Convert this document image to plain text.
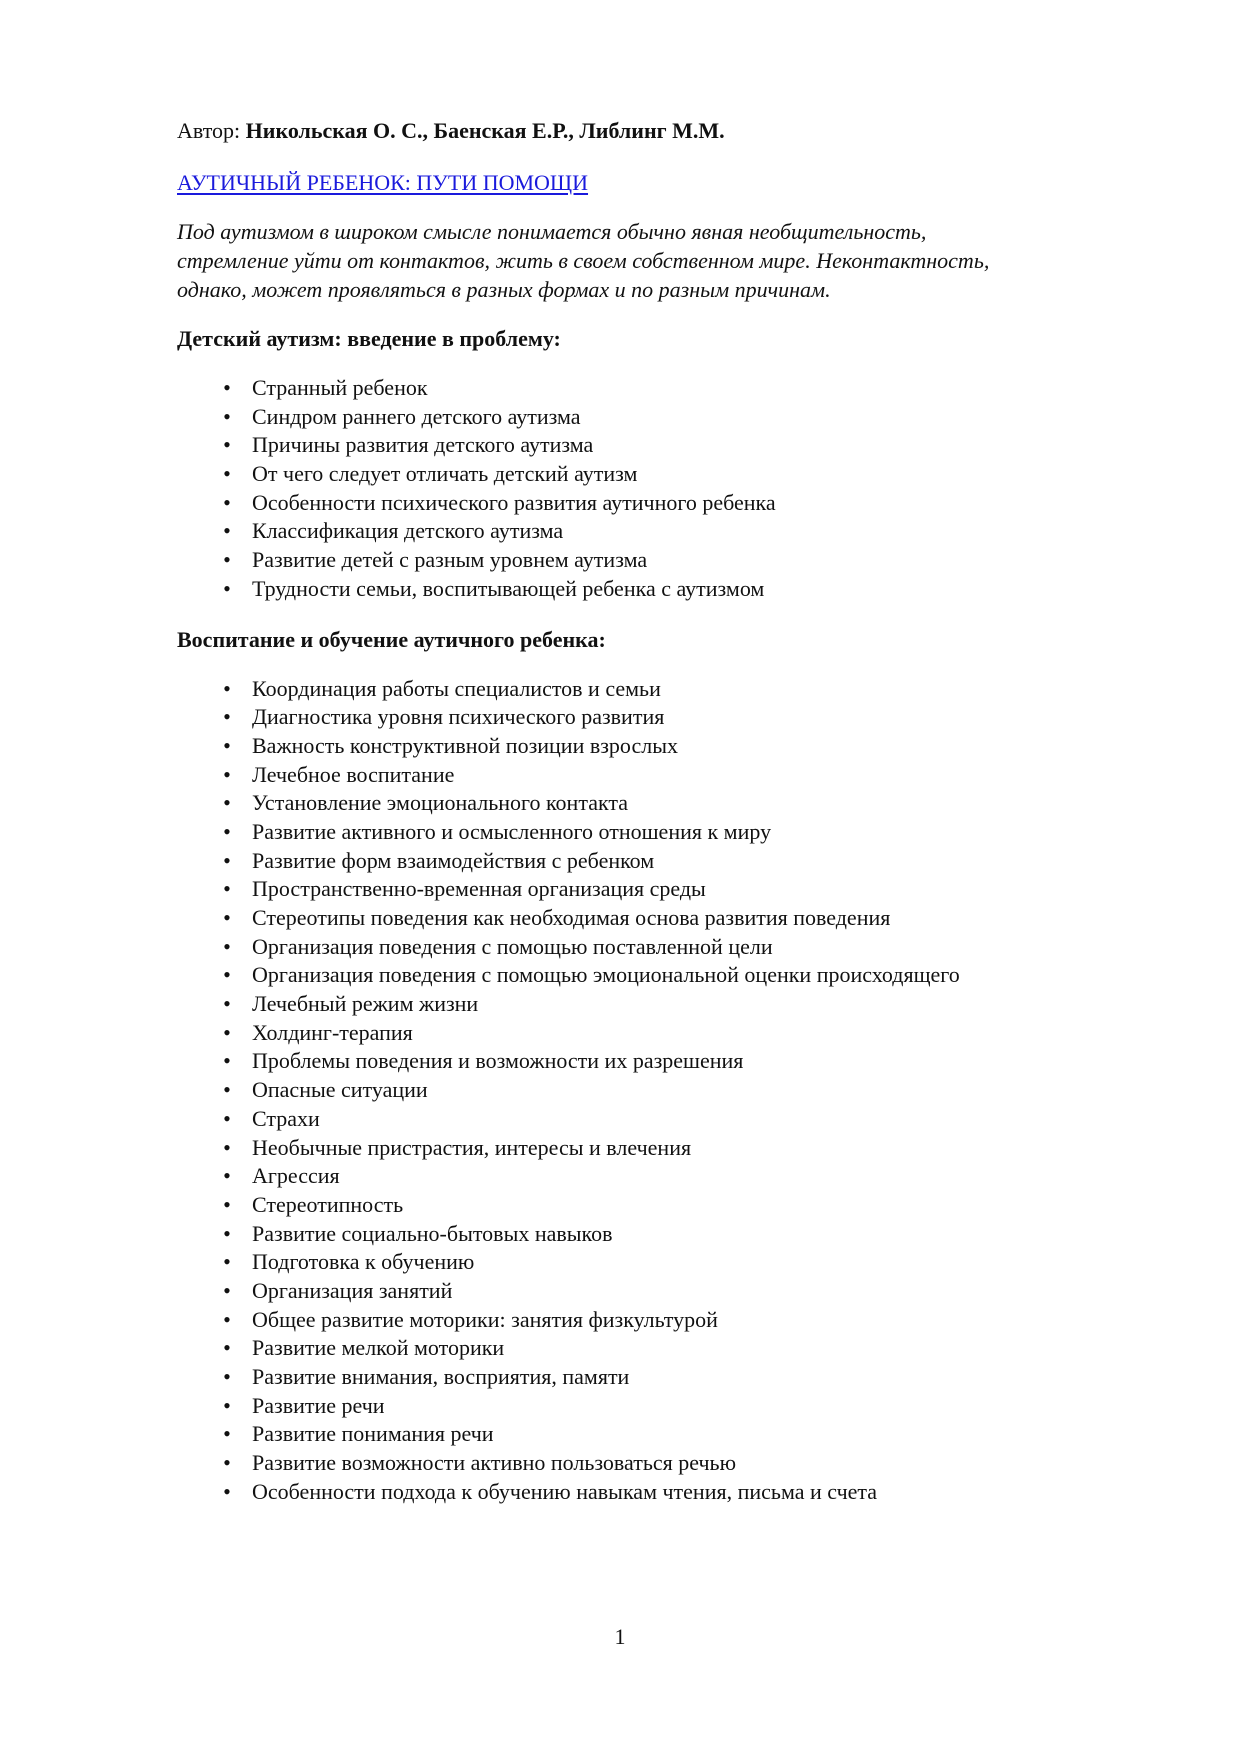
Автор: Никольская О. С., Баенская Е.Р., Либлинг М.М.

АУТИЧНЫЙ РЕБЕНОК: ПУТИ ПОМОЩИ

Под аутизмом в широком смысле понимается обычно явная необщительность,
стремление уйти от контактов, жить в своем собственном мире. Неконтактность,
однако, может проявляться в разных формах и по разным причинам.

Детский аутизм: введение в проблему:
• Странный ребенок
• Синдром раннего детского аутизма
• Причины развития детского аутизма
• От чего следует отличать детский аутизм
• Особенности психического развития аутичного ребенка
• Классификация детского аутизма
• Развитие детей с разным уровнем аутизма
• Трудности семьи, воспитывающей ребенка с аутизмом
Воспитание и обучение аутичного ребенка:
• Координация работы специалистов и семьи
• Диагностика уровня психического развития
• Важность конструктивной позиции взрослых
• Лечебное воспитание
• Установление эмоционального контакта
• Развитие активного и осмысленного отношения к миру
• Развитие форм взаимодействия с ребенком
• Пространственно-временная организация среды
• Стереотипы поведения как необходимая основа развития поведения
• Организация поведения с помощью поставленной цели
• Организация поведения с помощью эмоциональной оценки происходящего
• Лечебный режим жизни
• Холдинг-терапия
• Проблемы поведения и возможности их разрешения
• Опасные ситуации
• Страхи
• Необычные пристрастия, интересы и влечения
• Агрессия
• Стереотипность
• Развитие социально-бытовых навыков
• Подготовка к обучению
• Организация занятий
• Общее развитие моторики: занятия физкультурой
• Развитие мелкой моторики
• Развитие внимания, восприятия, памяти
• Развитие речи
• Развитие понимания речи
• Развитие возможности активно пользоваться речью
• Особенности подхода к обучению навыкам чтения, письма и счета
1
